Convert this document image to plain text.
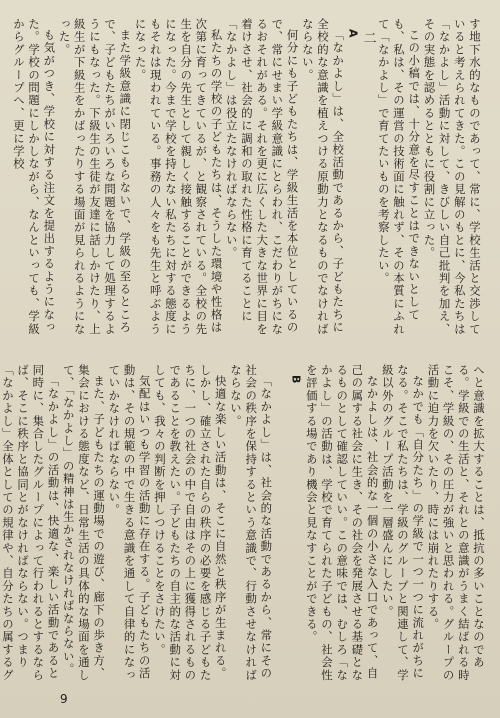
す地下水的なものであって、常に、学校生活と交渉していると考えられてきた。この見解のもとに、今私たちは「なかよし」活動に対して、きびしい自己批判を加え、その実態を認めるとともに役割に立った。

この小稿では、十分意を尽すことはできないとしても、私は、その運営の技術面に触れず、その本質にふれて「なかよし」で育てたいものを考察したい。

二

A

「なかよし」は、全校活動であるから、子どもたちに全校的な意識を植えつける原動力となるものでなければならない。

何分にも子どもたちは、学級生活を本位としているので、常にせまい学級意識にとらわれ、こだわりがちになるおそれがある。それを更に広くした大きな世界に目を着けさせ、社会的に調和の取れた性格に育てることに「なかよし」は役立たなければならない。

私たちの学校の子どもたちは、そうした環境や性格は次第に育ってきているが、と観察されている。全校の先生を自分の先生として親しく接触することができるようになった。今まで学校を持たない私たちに対する態度にもそれは現われている。事務の人々をも先生と呼ぶようになった。

また学級意識に閉じこもらないで、学級の至るところで、子どもたちがいろいろな問題を協力して処理するようにもなった。下級生の生徒が友達に話しかけたり、上級生が下級生をかばったりする場面が見られるようになった。

も気がつき、学校に対する注文を提出するようになった。学校の問題にしかしながら、なんといっても、学級からグループへ、更に学校

へと意識を拡大することは、抵抗の多いことなのである。学級での生活と、それとの意識がうまく結ばれる時こそ、学級の、その圧力が強いと思われる。グループの活動に迫力を欠いたり、時には崩れたりする。

なかでも「自分たち」の学級で一つ一つに流れがちになる。そこで私たちは、学級のグループと関連して、学級以外のグループ活動を一層盛んにしたい。

なかよしは、社会的な一個の小さな入口であって、自己の属する社会に生き、その社会を発展させる基礎となるものとして確認していい。この意味では、むしろ「なかよし」の活動は、学校で育てられた子どもの、社会性を評価する場であり機会と見なすことができる。

B

「なかよし」は、社会的な活動であるから、常にその社会の秩序を保持するという意識で、行動させなければならない。

快適な楽しい活動は、そこに自然と秩序が生まれる。しかし、確立された自らの秩序の必要を感じる子どもたちに、一つの社会の中で自由はその上に獲得されるものであることを教えたい。子どもたちの自主的な活動に対しても、我々の判断を押しつけることをさけたい。

気配はいつも学習の活動に存在する。子どもたちの活動は、その規範の中で生きる意識を通して自律的になっていかなければならない。

また、子どもたちの運動場での遊び、廊下の歩き方、集会における態度など、日常生活の具体的な場面を通して、「なかよし」の精神は生かされなければならない。

「なかよし」の活動は、快適な、楽しい活動であると同時に、集合したグループによって行われるとするならば、そこに秩序と協同とがなければならない。つまり「なかよし」全体としての規律や、自分たちの属するグ

9
